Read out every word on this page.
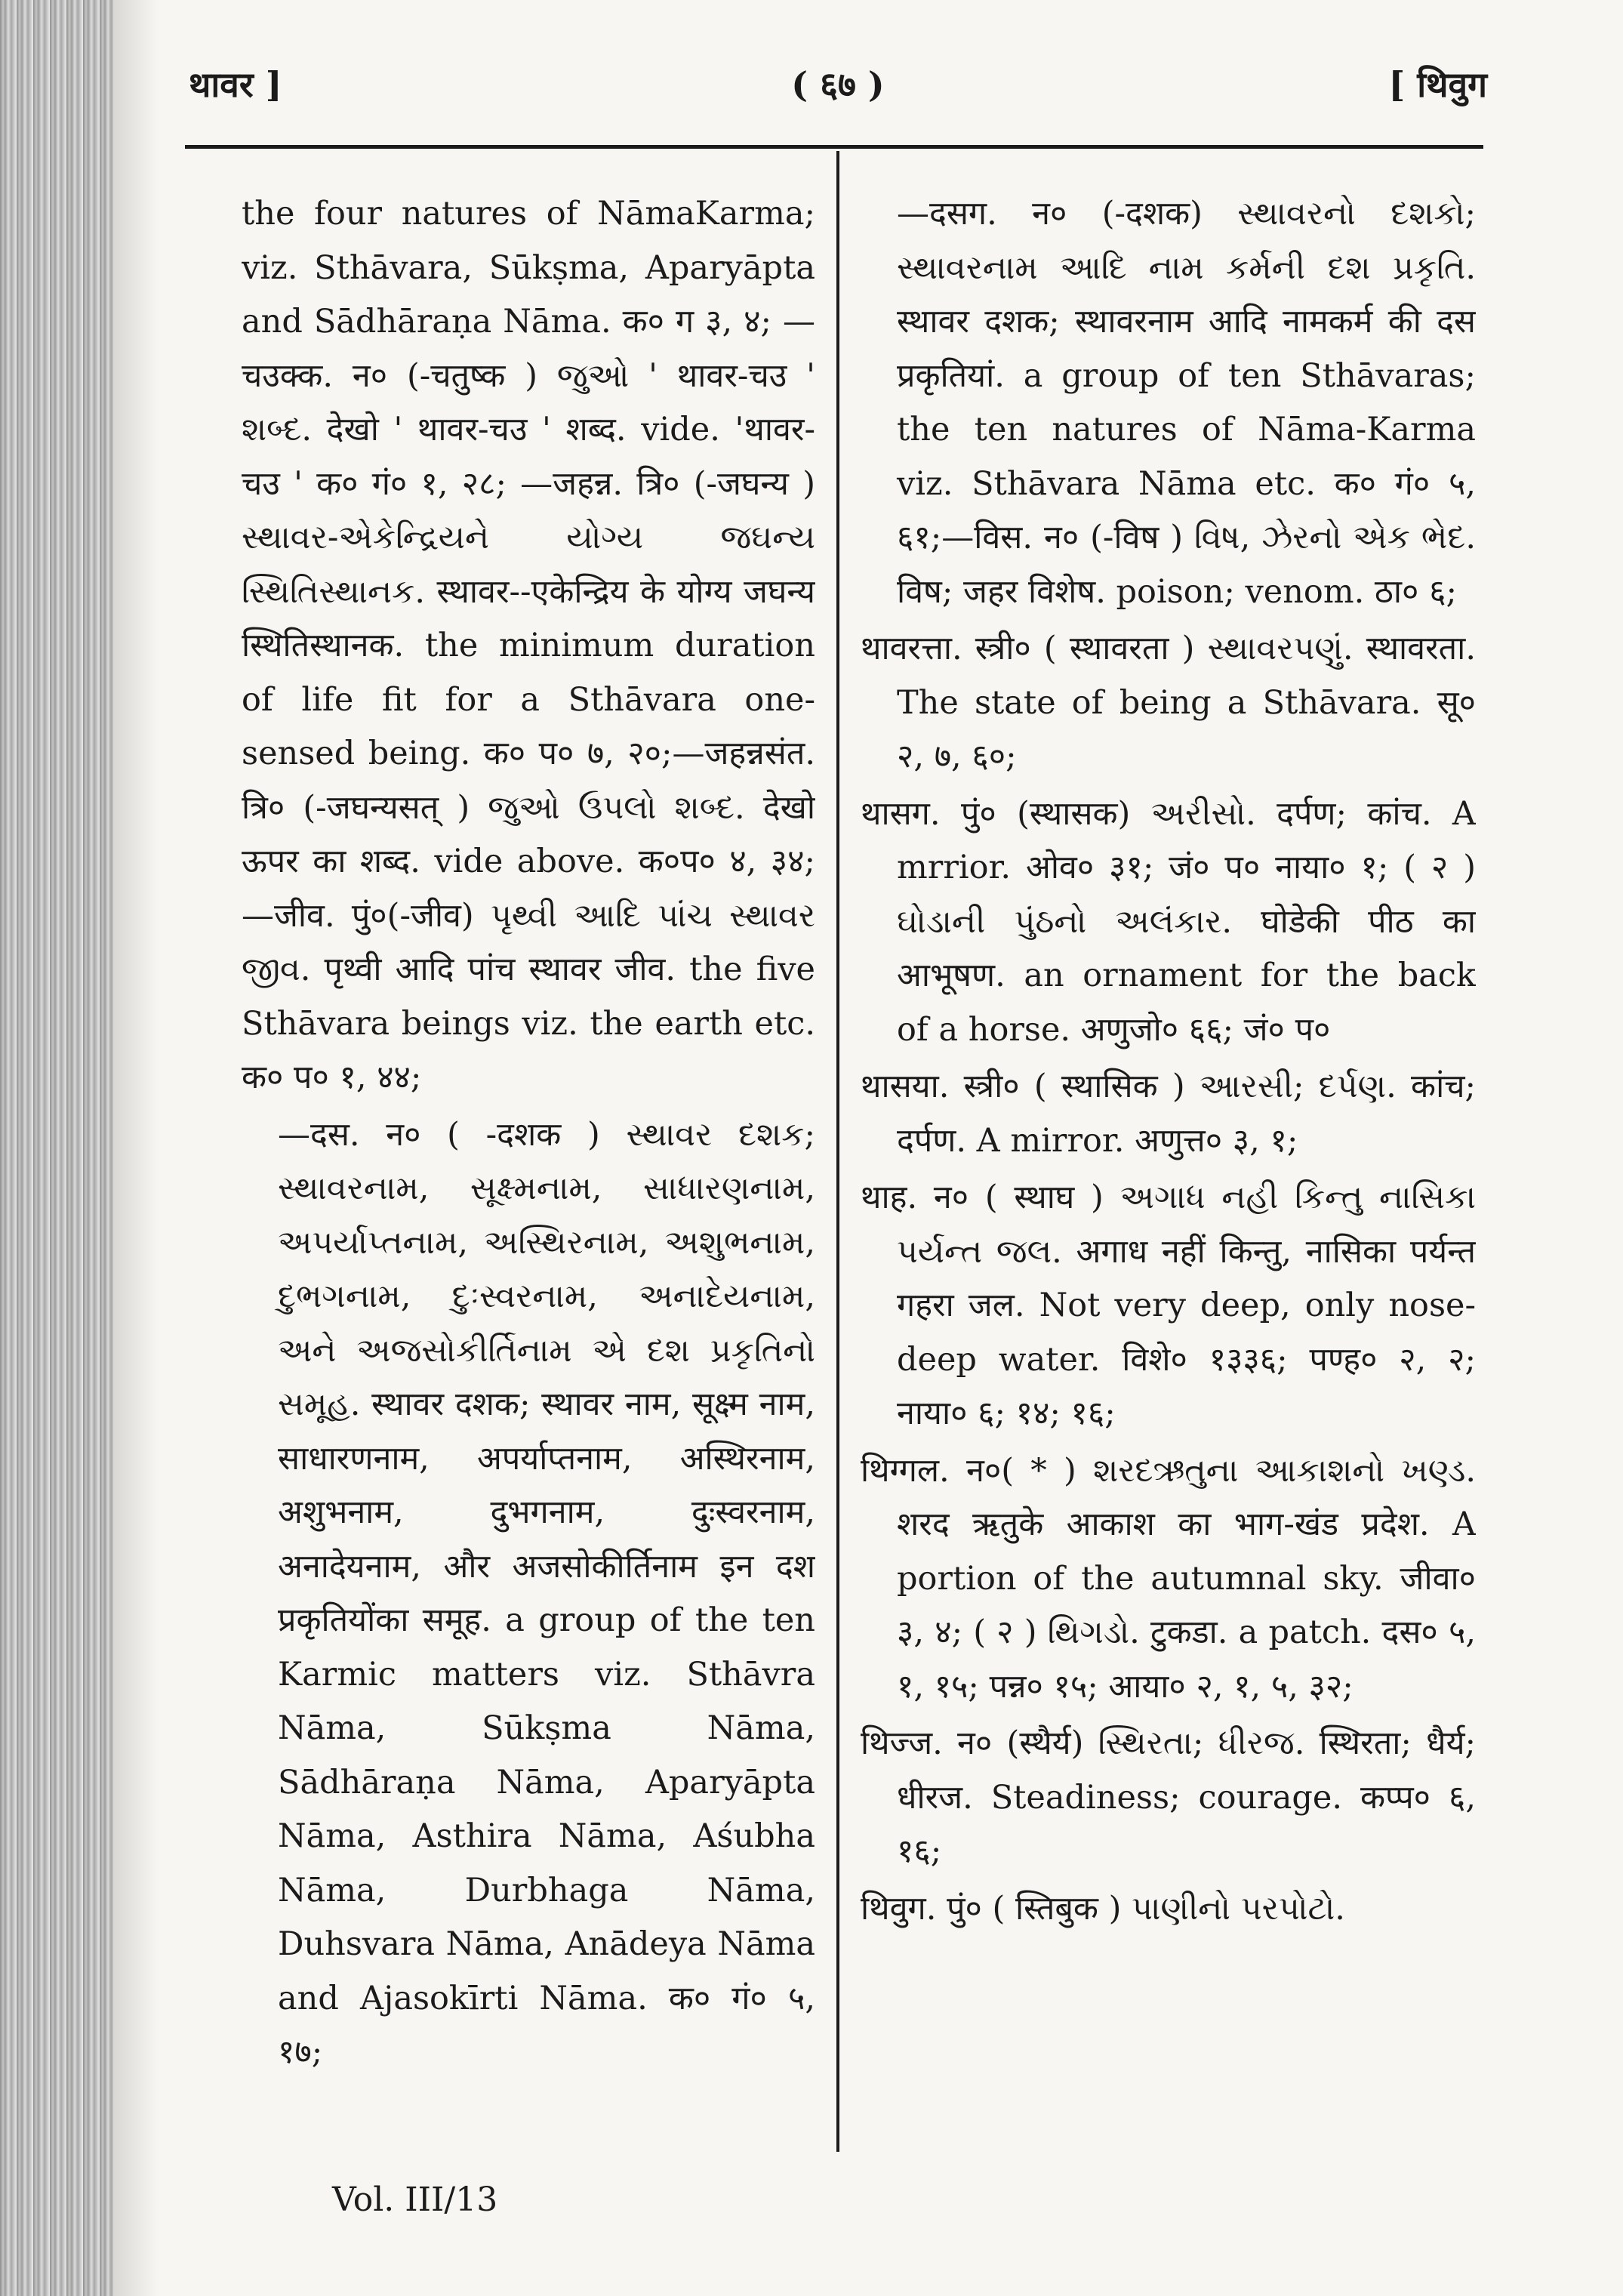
थावर ]	( ६७ )	[ थिवुग

the four natures of NāmaKarma; viz. Sthāvara, Sūkṣma, Aparyāpta and Sādhāraṇa Nāma. क० ग ३, ४; —चउक्क. न० (-चतुष्क ) જુઓ ' थावर-चउ ' શબ્દ. देखो ' थावर-चउ ' शब्द. vide. 'थावर-चउ ' क० गं० १, २८; —जहन्न. त्रि० (-जघन्य ) સ્થાવર-એકેન્દ્રિયને યોગ્ય જઘન્ય સ્થિતિસ્થાનક. स्थावर--एकेन्द्रिय के योग्य जघन्य स्थितिस्थानक. the minimum duration of life fit for a Sthāvara one-sensed being. क० प० ७, २०;—जहन्नसंत. त्रि० (-जघन्यसत् ) જુઓ ઉપલો શબ્દ. देखो ऊपर का शब्द. vide above. क०प० ४, ३४;—जीव. पुं०(-जीव) પૃથ્વી આદિ પાંચ સ્થાવર જીવ. पृथ्वी आदि पांच स्थावर जीव. the five Sthāvara beings viz. the earth etc. क० प० १, ४४;

—दस. न० ( -दशक ) સ્થાવર દશક; સ્થાવરનામ, સૂક્ષ્મનામ, સાધારણનામ, અપર્યાપ્તનામ, અસ્થિરનામ, અશુભનામ, દુભગનામ, દુઃસ્વરનામ, અનાદેયનામ, અને અજસોકીર્તિનામ એ દશ પ્રકૃતિનો સમૂહ. स्थावर दशक; स्थावर नाम, सूक्ष्म नाम, साधारणनाम, अपर्याप्तनाम, अस्थिरनाम, अशुभनाम, दुभगनाम, दुःस्वरनाम, अनादेयनाम, और अजसोकीर्तिनाम इन दश प्रकृतियोंका समूह. a group of the ten Karmic matters viz. Sthāvra Nāma, Sūkṣma Nāma, Sādhāraṇa Nāma, Aparyāpta Nāma, Asthira Nāma, Aśubha Nāma, Durbhaga Nāma, Duhsvara Nāma, Anādeya Nāma and Ajasokīrti Nāma. क० गं० ५, १७;

—दसग. न० (-दशक) સ્થાવરનો દશકો; સ્થાવરનામ આદિ નામ કર્મની દશ પ્રકૃતિ. स्थावर दशक; स्थावरनाम आदि नामकर्म की दस प्रकृतियां. a group of ten Sthāvaras; the ten natures of Nāma-Karma viz. Sthāvara Nāma etc. क० गं० ५, ६१;—विस. न० (-विष ) વિષ, ઝેરનો એક ભેદ. विष; जहर विशेष. poison; venom. ठा० ६;

थावरत्ता. स्त्री० ( स्थावरता ) સ્થાવરપણું. स्थावरता. The state of being a Sthāvara. सू० २, ७, ६०;

थासग. पुं० (स्थासक) અરીસો. दर्पण; कांच. A mrrior. ओव० ३१; जं० प० नाया० १; ( २ ) ઘોડાની પુંઠનો અલંકાર. घोडेकी पीठ का आभूषण. an ornament for the back of a horse. अणुजो० ६६; जं० प०

थासया. स्त्री० ( स्थासिक ) આરસી; દર્પણ. कांच; दर्पण. A mirror. अणुत्त० ३, १;

थाह. न० ( स्थाघ ) અગાધ નહી કિન્તુ નાસિકા પર્યન્ત જલ. अगाध नहीं किन्तु, नासिका पर्यन्त गहरा जल. Not very deep, only nose-deep water. विशे० १३३६; पण्ह० २, २; नाया० ६; १४; १६;

थिग्गल. न०( * ) શરદઋતુના આકાશનો ખણ્ડ. शरद ऋतुके आकाश का भाग-खंड प्रदेश. A portion of the autumnal sky. जीवा० ३, ४; ( २ ) થિગડો. टुकडा. a patch. दस० ५, १, १५; पन्न० १५; आया० २, १, ५, ३२;

थिज्ज. न० (स्थैर्य) સ્થિરતા; ધીરજ. स्थिरता; धैर्य; धीरज. Steadiness; courage. कप्प० ६, १६;

थिवुग. पुं० ( स्तिबुक ) પાણીનો પરપોટો.

Vol. III/13
